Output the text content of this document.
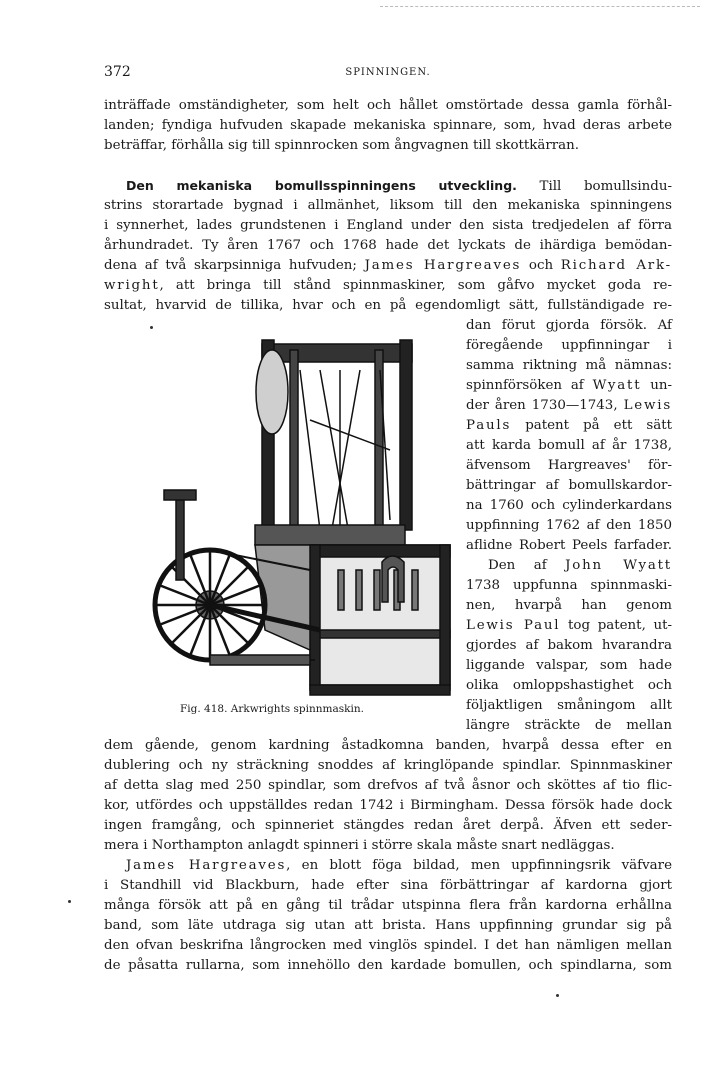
372	SPINNINGEN.
inträffade omständigheter, som helt och hållet omstörtade dessa gamla förhål-
landen; fyndiga hufvuden skapade mekaniska spinnare, som, hvad deras arbete
beträffar, förhålla sig till spinnrocken som ångvagnen till skottkärran.
Den mekaniska bomullsspinningens utveckling. Till bomullsindu-
strins storartade bygnad i allmänhet, liksom till den mekaniska spinningens
i synnerhet, lades grundstenen i England under den sista tredjedelen af förra
århundradet. Ty åren 1767 och 1768 hade det lyckats de ihärdiga bemödan-
dena af två skarpsinniga hufvuden; James Hargreaves och Richard Ark-
wright, att bringa till stånd spinnmaskiner, som gåfvo mycket goda re-
sultat, hvarvid de tillika, hvar och en på egendomligt sätt, fullständigade re-
dan förut gjorda försök. Af
föregående uppfinningar i
samma riktning må nämnas:
spinnförsöken af Wyatt un-
der åren 1730—1743, Lewis
Pauls patent på ett sätt
att karda bomull af år 1738,
äfvensom Hargreaves' för-
bättringar af bomullskardor-
na 1760 och cylinderkardans
uppfinning 1762 af den 1850
aflidne Robert Peels farfader.
Den af John Wyatt
1738 uppfunna spinnmaski-
nen, hvarpå han genom
Lewis Paul tog patent, ut-
gjordes af bakom hvarandra
liggande valspar, som hade
olika omloppshastighet och
följaktligen småningom allt
längre sträckte de mellan
Fig. 418. Arkwrights spinnmaskin.
dem gående, genom kardning åstadkomna banden, hvarpå dessa efter en
dublering och ny sträckning snoddes af kringlöpande spindlar. Spinnmaskiner
af detta slag med 250 spindlar, som drefvos af två åsnor och sköttes af tio flic-
kor, utfördes och uppställdes redan 1742 i Birmingham. Dessa försök hade dock
ingen framgång, och spinneriet stängdes redan året derpå. Äfven ett seder-
mera i Northampton anlagdt spinneri i större skala måste snart nedläggas.
James Hargreaves, en blott föga bildad, men uppfinningsrik väfvare
i Standhill vid Blackburn, hade efter sina förbättringar af kardorna gjort
många försök att på en gång til trådar utspinna flera från kardorna erhållna
band, som läte utdraga sig utan att brista. Hans uppfinning grundar sig på
den ofvan beskrifna långrocken med vinglös spindel. I det han nämligen mellan
de påsatta rullarna, som innehöllo den kardade bomullen, och spindlarna, som
